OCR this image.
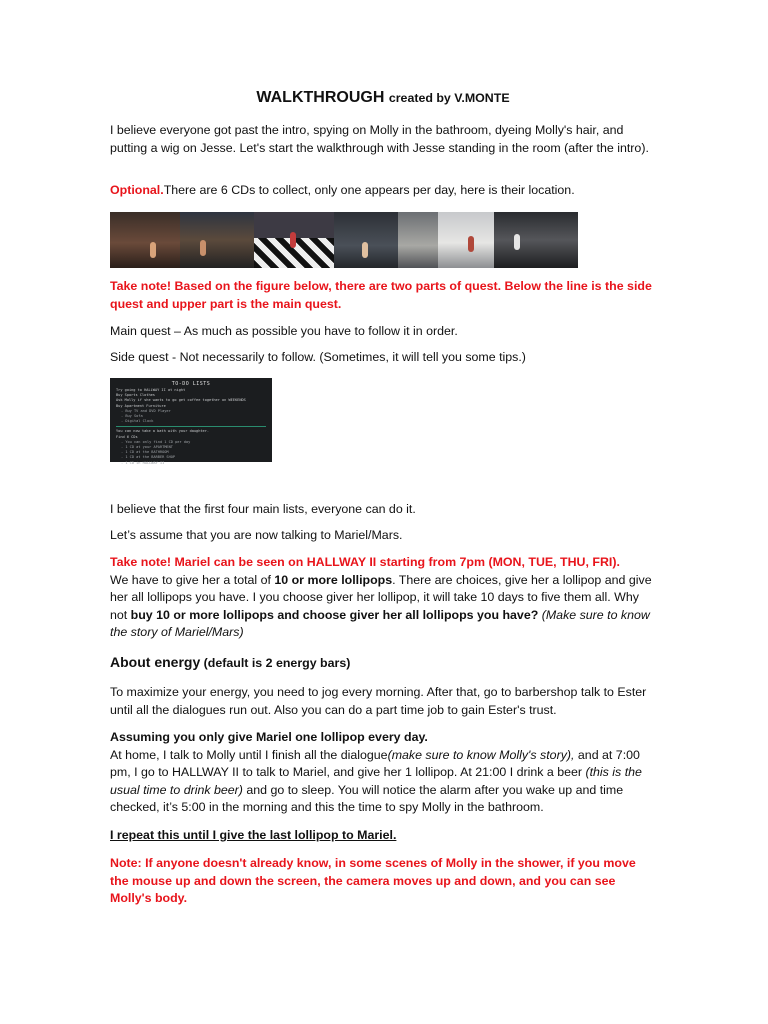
WALKTHROUGH created by V.MONTE

I believe everyone got past the intro, spying on Molly in the bathroom, dyeing Molly's hair, and putting a wig on Jesse. Let's start the walkthrough with Jesse standing in the room (after the intro).

Optional.There are 6 CDs to collect, only one appears per day, here is their location.

Take note! Based on the figure below, there are two parts of quest. Below the line is the side quest and upper part is the main quest.

Main quest – As much as possible you have to follow it in order.

Side quest - Not necessarily to follow. (Sometimes, it will tell you some tips.)

TO-DO LISTS
Try going to HALLWAY II at night
Buy Sports Clothes
Ask Molly if she wants to go get coffee together on WEEKENDS
Buy Apartment Furniture
- Buy TV and DVD Player
- Buy Sofa
- Digital Clock
You can now take a bath with your daughter.
Find 6 CDs
- You can only find 1 CD per day
- 1 CD at your APARTMENT
- 1 CD at the BATHROOM
- 1 CD at the BARBER SHOP
- 1 CD in HALLWAY II

I believe that the first four main lists, everyone can do it.

Let’s assume that you are now talking to Mariel/Mars.

Take note! Mariel can be seen on HALLWAY II starting from 7pm (MON, TUE, THU, FRI).
We have to give her a total of 10 or more lollipops. There are choices, give her a lollipop and give her all lollipops you have. I you choose giver her lollipop, it will take 10 days to five them all. Why not buy 10 or more lollipops and choose giver her all lollipops you have? (Make sure to know the story of Mariel/Mars)

About energy (default is 2 energy bars)

To maximize your energy, you need to jog every morning. After that, go to barbershop talk to Ester until all the dialogues run out. Also you can do a part time job to gain Ester's trust.

Assuming you only give Mariel one lollipop every day.
At home, I talk to Molly until I finish all the dialogue(make sure to know Molly's story), and at 7:00 pm, I go to HALLWAY II to talk to Mariel, and give her 1 lollipop. At 21:00 I drink a beer (this is the usual time to drink beer) and go to sleep. You will notice the alarm after you wake up and time checked, it’s 5:00 in the morning and this the time to spy Molly in the bathroom.

I repeat this until I give the last lollipop to Mariel.

Note: If anyone doesn't already know, in some scenes of Molly in the shower, if you move the mouse up and down the screen, the camera moves up and down, and you can see Molly's body.
